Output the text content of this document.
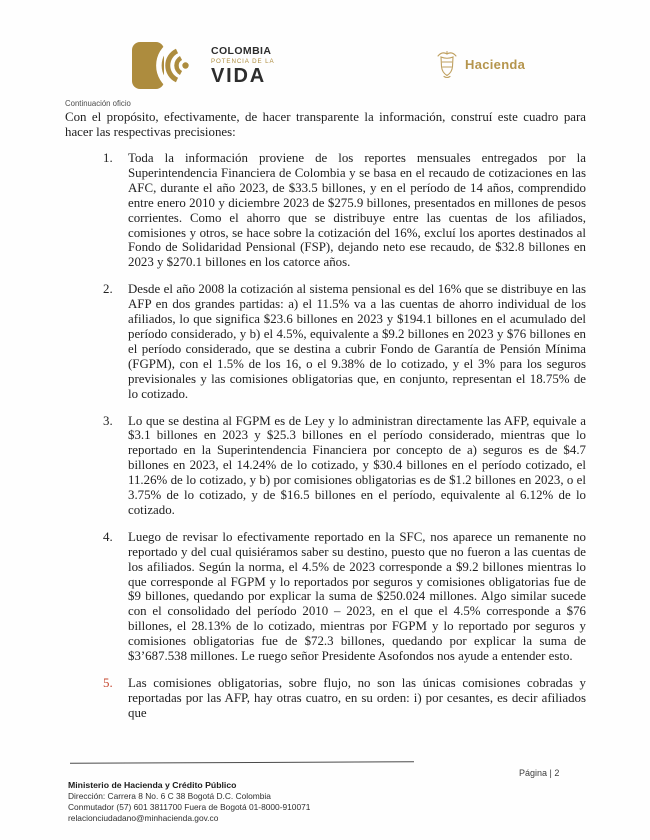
COLOMBIA
POTENCIA DE LA
VIDA
Hacienda
Continuación oficio

Con el propósito, efectivamente, de hacer transparente la información, construí este cuadro para hacer las respectivas precisiones:

1.	Toda la información proviene de los reportes mensuales entregados por la Superintendencia Financiera de Colombia y se basa en el recaudo de cotizaciones en las AFC, durante el año 2023, de $33.5 billones, y en el período de 14 años, comprendido entre enero 2010 y diciembre 2023 de $275.9 billones, presentados en millones de pesos corrientes. Como el ahorro que se distribuye entre las cuentas de los afiliados, comisiones y otros, se hace sobre la cotización del 16%, excluí los aportes destinados al Fondo de Solidaridad Pensional (FSP), dejando neto ese recaudo, de $32.8 billones en 2023 y $270.1 billones en los catorce años.
2.	Desde el año 2008 la cotización al sistema pensional es del 16% que se distribuye en las AFP en dos grandes partidas: a) el 11.5% va a las cuentas de ahorro individual de los afiliados, lo que significa $23.6 billones en 2023 y $194.1 billones en el acumulado del período considerado, y b) el 4.5%, equivalente a $9.2 billones en 2023 y $76 billones en el período considerado, que se destina a cubrir Fondo de Garantía de Pensión Mínima (FGPM), con el 1.5% de los 16, o el 9.38% de lo cotizado, y el 3% para los seguros previsionales y las comisiones obligatorias que, en conjunto, representan el 18.75% de lo cotizado.
3.	Lo que se destina al FGPM es de Ley y lo administran directamente las AFP, equivale a $3.1 billones en 2023 y $25.3 billones en el período considerado, mientras que lo reportado en la Superintendencia Financiera por concepto de a) seguros es de $4.7 billones en 2023, el 14.24% de lo cotizado, y $30.4 billones en el período cotizado, el 11.26% de lo cotizado, y b) por comisiones obligatorias es de $1.2 billones en 2023, o el 3.75% de lo cotizado, y de $16.5 billones en el período, equivalente al 6.12% de lo cotizado.
4.	Luego de revisar lo efectivamente reportado en la SFC, nos aparece un remanente no reportado y del cual quisiéramos saber su destino, puesto que no fueron a las cuentas de los afiliados. Según la norma, el 4.5% de 2023 corresponde a $9.2 billones mientras lo que corresponde al FGPM y lo reportados por seguros y comisiones obligatorias fue de $9 billones, quedando por explicar la suma de $250.024 millones. Algo similar sucede con el consolidado del período 2010 – 2023, en el que el 4.5% corresponde a $76 billones, el 28.13% de lo cotizado, mientras por FGPM y lo reportado por seguros y comisiones obligatorias fue de $72.3 billones, quedando por explicar la suma de $3’687.538 millones. Le ruego señor Presidente Asofondos nos ayude a entender esto.
5.	Las comisiones obligatorias, sobre flujo, no son las únicas comisiones cobradas y reportadas por las AFP, hay otras cuatro, en su orden: i) por cesantes, es decir afiliados que
Página | 2
Ministerio de Hacienda y Crédito Público
Dirección: Carrera 8 No. 6 C 38 Bogotá D.C. Colombia
Conmutador (57) 601 3811700 Fuera de Bogotá 01-8000-910071
relacionciudadano@minhacienda.gov.co
